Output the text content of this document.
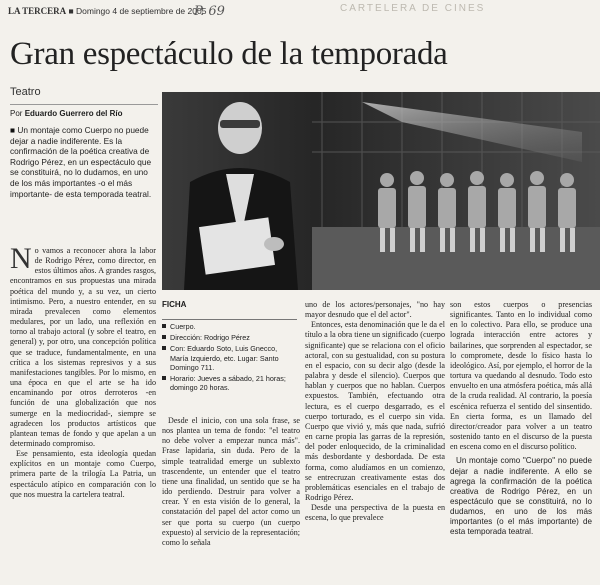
LA TERCERA ■ Domingo 4 de septiembre de 2005
P. 69	CARTELERA DE CINES
Gran espectáculo de la temporada
Teatro
Por Eduardo Guerrero del Río
■ Un montaje como Cuerpo no puede dejar a nadie indiferente. Es la confirmación de la poética creativa de Rodrigo Pérez, en un espectáculo que se constituirá, no lo dudamos, en uno de los más importantes -o el más importante- de esta temporada teatral.

No vamos a reconocer ahora la labor de Rodrigo Pérez, como director, en estos últimos años. A grandes rasgos, encontramos en sus propuestas una mirada poética del mundo y, a su vez, un cierto intimismo. Pero, a nuestro entender, en su mirada prevalecen como elementos medulares, por un lado, una reflexión en torno al trabajo actoral (y sobre el teatro, en general) y, por otro, una concepción política que se traduce, fundamentalmente, en una crítica a los sistemas represivos y a sus manifestaciones tangibles. Por lo mismo, en una época en que el arte se ha ido encaminando por otros derroteros -en función de una globalización que nos sumerge en la mediocridad-, siempre se agradecen los productos artísticos que plantean temas de fondo y que apelan a un determinado compromiso.

Ese pensamiento, esta ideología quedan explícitos en un montaje como Cuerpo, primera parte de la trilogía La Patria, un espectáculo atípico en comparación con lo que nos muestra la cartelera teatral.

FICHA
Cuerpo.
Dirección: Rodrigo Pérez
Con: Eduardo Soto, Luis Gnecco, María Izquierdo, etc. Lugar: Santo Domingo 711.
Horario: Jueves a sábado, 21 horas; domingo 20 horas.

Desde el inicio, con una sola frase, se nos plantea un tema de fondo: "el teatro no debe volver a empezar nunca más". Frase lapidaria, sin duda. Pero de la simple teatralidad emerge un sublexto trascendente, un entender que el teatro tiene una finalidad, un sentido que se ha ido perdiendo. Destruir para volver a crear. Y en esta visión de lo general, la constatación del papel del actor como un ser que porta su cuerpo (un cuerpo expuesto) al servicio de la representación; como lo señala

uno de los actores/personajes, "no hay mayor desnudo que el del actor".

Entonces, esta denominación que le da el título a la obra tiene un significado (cuerpo significante) que se relaciona con el oficio actoral, con su gestualidad, con su postura en el espacio, con su decir algo (desde la palabra y desde el silencio). Cuerpos que hablan y cuerpos que no hablan. Cuerpos expuestos. También, efectuando otra lectura, es el cuerpo desgarrado, es el cuerpo torturado, es el cuerpo sin vida. Cuerpo que vivió y, más que nada, sufrió en carne propia las garras de la represión, del poder enloquecido, de la criminalidad más desbordante y desbordada. De esta forma, como aludíamos en un comienzo, se entrecruzan creativamente estas dos problemáticas esenciales en el trabajo de Rodrigo Pérez.

Desde una perspectiva de la puesta en escena, lo que prevalece

son estos cuerpos o presencias significantes. Tanto en lo individual como en lo colectivo. Para ello, se produce una lograda interacción entre actores y bailarines, que sorprenden al espectador, se lo compromete, desde lo físico hasta lo ideológico. Así, por ejemplo, el horror de la tortura va quedando al desnudo. Todo esto envuelto en una atmósfera poética, más allá de la cruda realidad. Al contrario, la poesía escénica refuerza el sentido del sinsentido. En cierta forma, es un llamado del director/creador para volver a un teatro sostenido tanto en el discurso de la puesta en escena como en el discurso político.

Un montaje como "Cuerpo" no puede dejar a nadie indiferente. A ello se agrega la confirmación de la poética creativa de Rodrigo Pérez, en un espectáculo que se constituirá, no lo dudamos, en uno de los más importantes (o el más importante) de esta temporada teatral.
